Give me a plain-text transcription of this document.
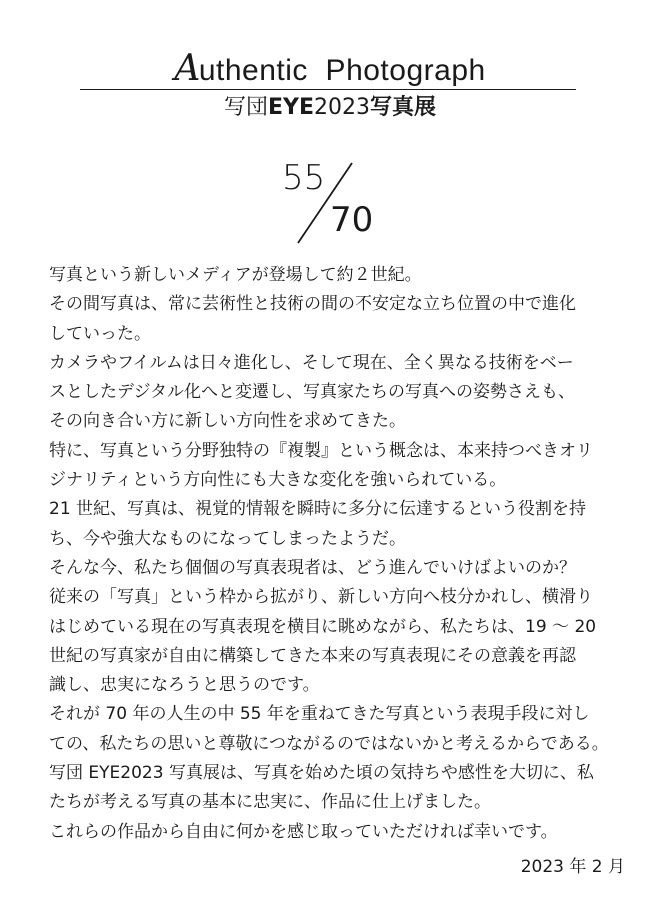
Authentic  Photograph
写団EYE2023写真展
55
70
写真という新しいメディアが登場して約２世紀。
その間写真は、常に芸術性と技術の間の不安定な立ち位置の中で進化
していった。
カメラやフイルムは日々進化し、そして現在、全く異なる技術をベー
スとしたデジタル化へと変遷し、写真家たちの写真への姿勢さえも、
その向き合い方に新しい方向性を求めてきた。
特に、写真という分野独特の『複製』という概念は、本来持つべきオリ
ジナリティという方向性にも大きな変化を強いられている。
21 世紀、写真は、視覚的情報を瞬時に多分に伝達するという役割を持
ち、今や強大なものになってしまったようだ。
そんな今、私たち個個の写真表現者は、どう進んでいけばよいのか？
従来の「写真」という枠から拡がり、新しい方向へ枝分かれし、横滑り
はじめている現在の写真表現を横目に眺めながら、私たちは、19 〜 20
世紀の写真家が自由に構築してきた本来の写真表現にその意義を再認
識し、忠実になろうと思うのです。
それが 70 年の人生の中 55 年を重ねてきた写真という表現手段に対し
ての、私たちの思いと尊敬につながるのではないかと考えるからである。
写団 EYE2023 写真展は、写真を始めた頃の気持ちや感性を大切に、私
たちが考える写真の基本に忠実に、作品に仕上げました。
これらの作品から自由に何かを感じ取っていただければ幸いです。
2023 年 2 月
